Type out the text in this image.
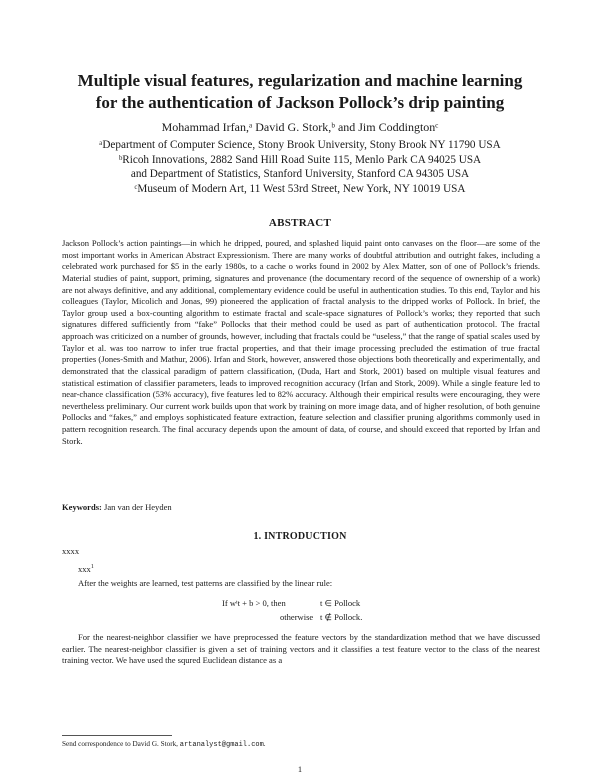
Multiple visual features, regularization and machine learning
for the authentication of Jackson Pollock’s drip painting
Mohammad Irfan,ᵃ David G. Stork,ᵇ and Jim Coddingtonᶜ
ᵃDepartment of Computer Science, Stony Brook University, Stony Brook NY 11790 USA
ᵇRicoh Innovations, 2882 Sand Hill Road Suite 115, Menlo Park CA 94025 USA
and Department of Statistics, Stanford University, Stanford CA 94305 USA
ᶜMuseum of Modern Art, 11 West 53rd Street, New York, NY 10019 USA
ABSTRACT
Jackson Pollock’s action paintings—in which he dripped, poured, and splashed liquid paint onto canvases on the floor—are some of the most important works in American Abstract Expressionism. There are many works of doubtful attribution and outright fakes, including a celebrated work purchased for $5 in the early 1980s, to a cache o works found in 2002 by Alex Matter, son of one of Pollock’s friends. Material studies of paint, support, priming, signatures and provenance (the documentary record of the sequence of ownership of a work) are not always definitive, and any additional, complementary evidence could be useful in authentication studies. To this end, Taylor and his colleagues (Taylor, Micolich and Jonas, 99) pioneered the application of fractal analysis to the dripped works of Pollock. In brief, the Taylor group used a box-counting algorithm to estimate fractal and scale-space signatures of Pollock’s works; they reported that such signatures differed sufficiently from “fake” Pollocks that their method could be used as part of authentication protocol. The fractal approach was criticized on a number of grounds, however, including that fractals could be “useless,” that the range of spatial scales used by Taylor et al. was too narrow to infer true fractal properties, and that their image processing precluded the estimation of true fractal properties (Jones-Smith and Mathur, 2006). Irfan and Stork, however, answered those objections both theoretically and experimentally, and demonstrated that the classical paradigm of pattern classification, (Duda, Hart and Stork, 2001) based on multiple visual features and statistical estimation of classifier parameters, leads to improved recognition accuracy (Irfan and Stork, 2009). While a single feature led to near-chance classification (53% accuracy), five features led to 82% accuracy. Although their empirical results were encouraging, they were nevertheless preliminary. Our current work builds upon that work by training on more image data, and of higher resolution, of both genuine Pollocks and “fakes,” and employs sophisticated feature extraction, feature selection and classifier pruning algorithms commonly used in pattern recognition research. The final accuracy depends upon the amount of data, of course, and should exceed that reported by Irfan and Stork.
Keywords: Jan van der Heyden
1. INTRODUCTION
xxxx
xxx$^1$
After the weights are learned, test patterns are classified by the linear rule:
If wᵗt + b > 0, then	t ∈ Pollock
otherwise t ∉ Pollock.
For the nearest-neighbor classifier we have preprocessed the feature vectors by the standardization method that we have discussed earlier. The nearest-neighbor classifier is given a set of training vectors and it classifies a test feature vector to the class of the nearest training vector. We have used the squred Euclidean distance as a
Send correspondence to David G. Stork, artanalyst@gmail.com.
1
